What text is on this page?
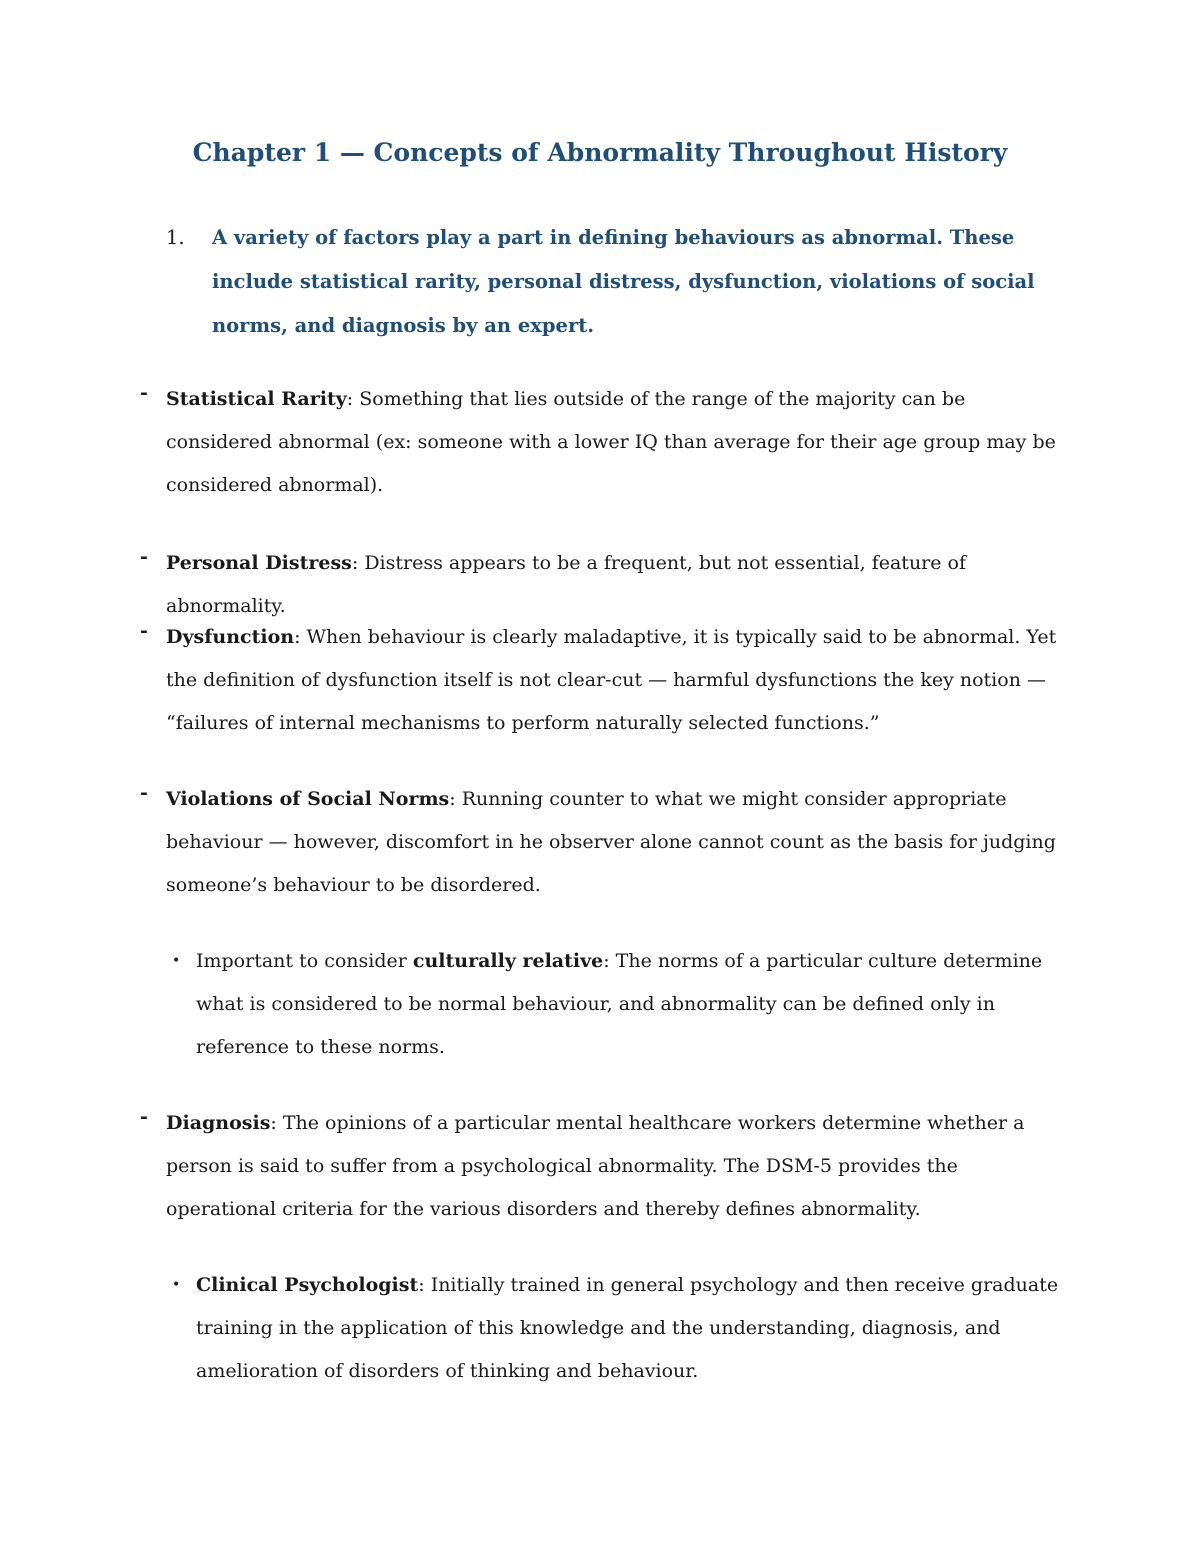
Chapter 1 — Concepts of Abnormality Throughout History
1. A variety of factors play a part in defining behaviours as abnormal. These include statistical rarity, personal distress, dysfunction, violations of social norms, and diagnosis by an expert.
- Statistical Rarity: Something that lies outside of the range of the majority can be considered abnormal (ex: someone with a lower IQ than average for their age group may be considered abnormal).
- Personal Distress: Distress appears to be a frequent, but not essential, feature of abnormality.
- Dysfunction: When behaviour is clearly maladaptive, it is typically said to be abnormal. Yet the definition of dysfunction itself is not clear-cut — harmful dysfunctions the key notion — “failures of internal mechanisms to perform naturally selected functions.”
- Violations of Social Norms: Running counter to what we might consider appropriate behaviour — however, discomfort in he observer alone cannot count as the basis for judging someone’s behaviour to be disordered.
• Important to consider culturally relative: The norms of a particular culture determine what is considered to be normal behaviour, and abnormality can be defined only in reference to these norms.
- Diagnosis: The opinions of a particular mental healthcare workers determine whether a person is said to suffer from a psychological abnormality. The DSM-5 provides the operational criteria for the various disorders and thereby defines abnormality.
• Clinical Psychologist: Initially trained in general psychology and then receive graduate training in the application of this knowledge and the understanding, diagnosis, and amelioration of disorders of thinking and behaviour.
